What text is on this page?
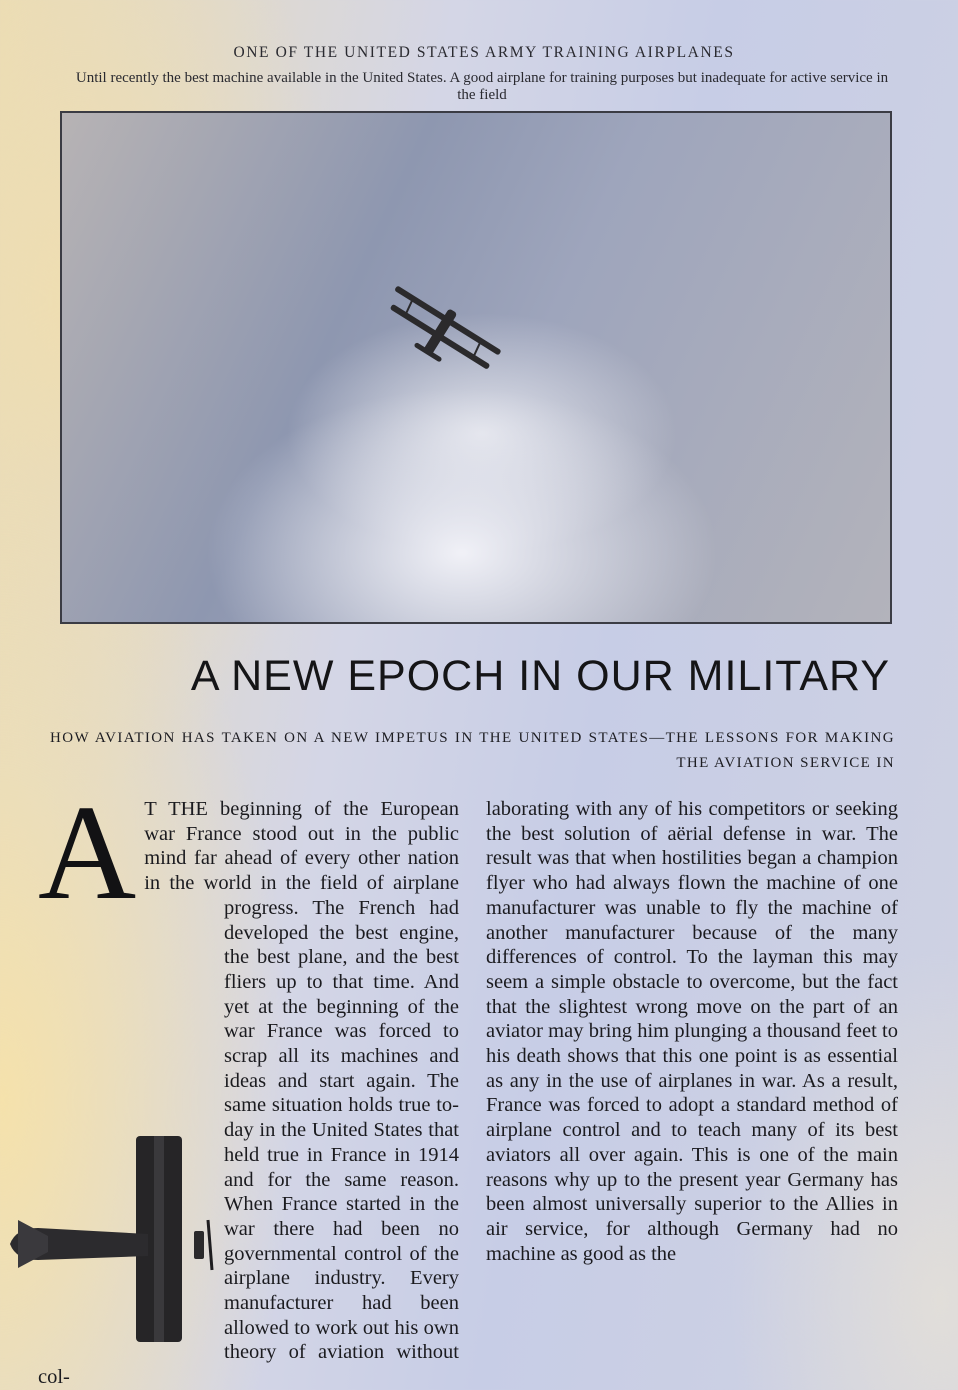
ONE OF THE UNITED STATES ARMY TRAINING AIRPLANES
Until recently the best machine available in the United States. A good airplane for training purposes but inadequate for active service in the field
A NEW EPOCH IN OUR MILITARY
HOW AVIATION HAS TAKEN ON A NEW IMPETUS IN THE UNITED STATES—THE LESSONS FOR MAKING THE AVIATION SERVICE IN
A T THE beginning of the European war France stood out in the public mind far ahead of every other nation in the world in the field of airplane progress. The French had developed the best engine, the best plane, and the best fliers up to that time. And yet at the beginning of the war France was forced to scrap all its machines and ideas and start again. The same situation holds true to-day in the United States that held true in France in 1914 and for the same reason. When France started in the war there had been no governmental control of the airplane industry. Every manufacturer had been allowed to work out his own theory of aviation without col-
laborating with any of his competitors or seeking the best solution of aërial defense in war. The result was that when hostilities began a champion flyer who had always flown the machine of one manufacturer was unable to fly the machine of another manufacturer because of the many differences of control. To the layman this may seem a simple obstacle to overcome, but the fact that the slightest wrong move on the part of an aviator may bring him plunging a thousand feet to his death shows that this one point is as essential as any in the use of airplanes in war. As a result, France was forced to adopt a standard method of airplane control and to teach many of its best aviators all over again. This is one of the main reasons why up to the present year Germany has been almost universally superior to the Allies in air service, for although Germany had no machine as good as the
